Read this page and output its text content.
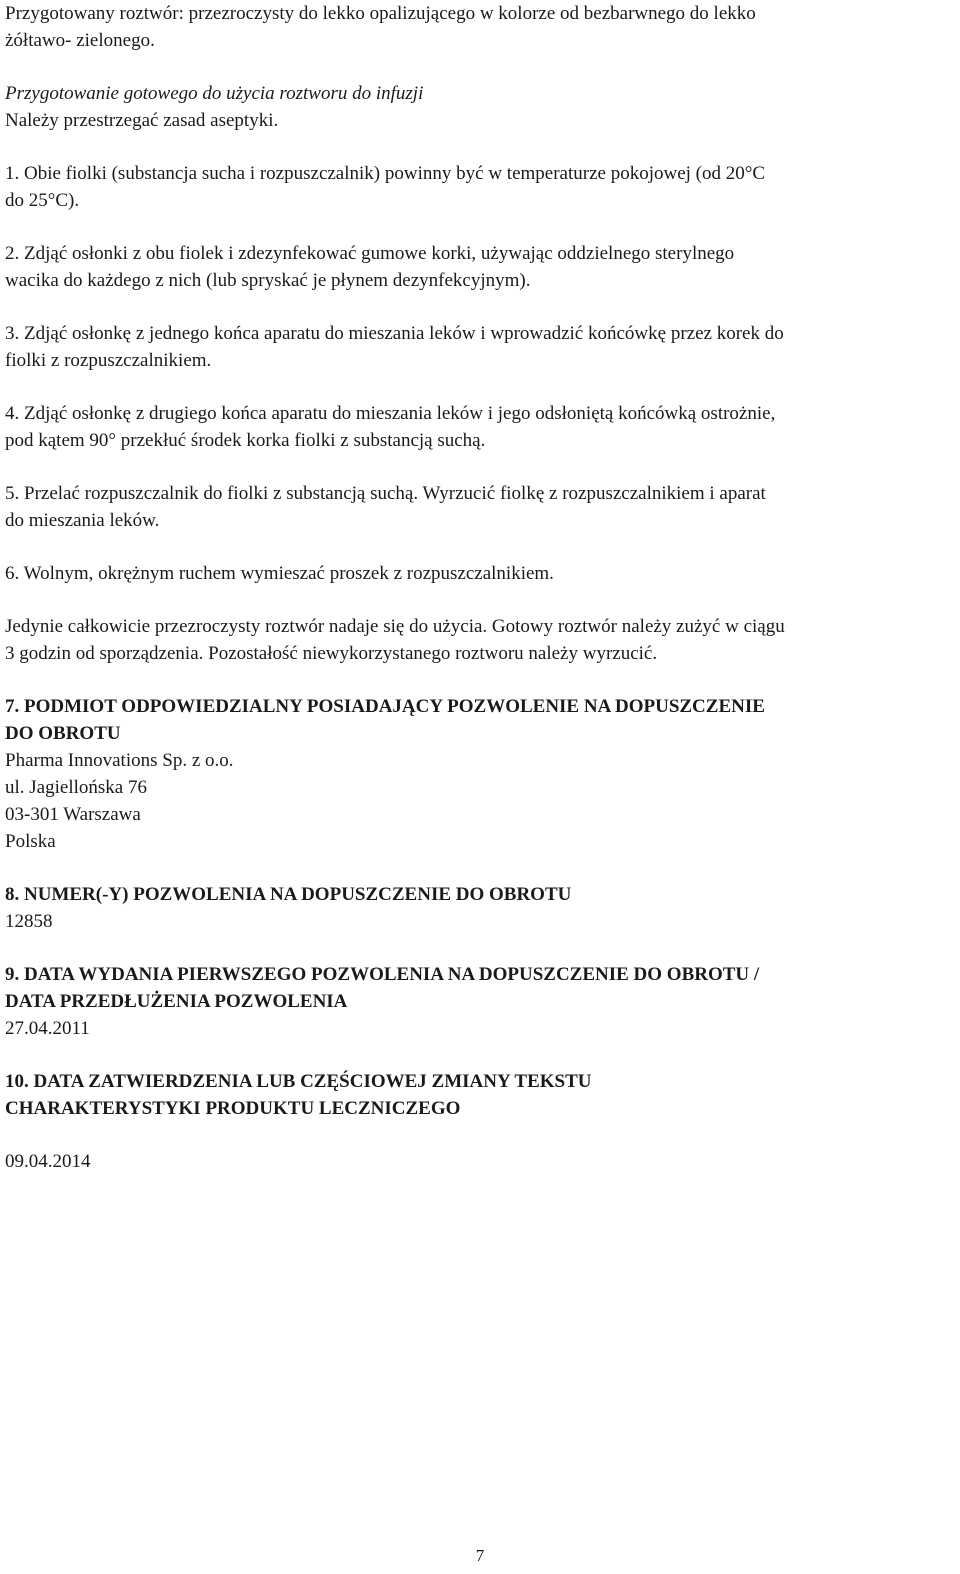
Przygotowany roztwór: przezroczysty do lekko opalizującego w kolorze od bezbarwnego do lekko
żółtawo- zielonego.

Przygotowanie gotowego do użycia roztworu do infuzji
Należy przestrzegać zasad aseptyki.

1. Obie fiolki (substancja sucha i rozpuszczalnik) powinny być w temperaturze pokojowej (od 20°C
do 25°C).

2. Zdjąć osłonki z obu fiolek i zdezynfekować gumowe korki, używając oddzielnego sterylnego
wacika do każdego z nich (lub spryskać je płynem dezynfekcyjnym).

3. Zdjąć osłonkę z jednego końca aparatu do mieszania leków i wprowadzić końcówkę przez korek do
fiolki z rozpuszczalnikiem.

4. Zdjąć osłonkę z drugiego końca aparatu do mieszania leków i jego odsłoniętą końcówką ostrożnie,
pod kątem 90° przekłuć środek korka fiolki z substancją suchą.

5. Przelać rozpuszczalnik do fiolki z substancją suchą. Wyrzucić fiolkę z rozpuszczalnikiem i aparat
do mieszania leków.

6. Wolnym, okrężnym ruchem wymieszać proszek z rozpuszczalnikiem.

Jedynie całkowicie przezroczysty roztwór nadaje się do użycia. Gotowy roztwór należy zużyć w ciągu
3 godzin od sporządzenia. Pozostałość niewykorzystanego roztworu należy wyrzucić.

7. PODMIOT ODPOWIEDZIALNY POSIADAJĄCY POZWOLENIE NA DOPUSZCZENIE
DO OBROTU
Pharma Innovations Sp. z o.o.
ul. Jagiellońska 76
03-301 Warszawa
Polska

8. NUMER(-Y) POZWOLENIA NA DOPUSZCZENIE DO OBROTU
12858

9. DATA WYDANIA PIERWSZEGO POZWOLENIA NA DOPUSZCZENIE DO OBROTU /
DATA PRZEDŁUŻENIA POZWOLENIA
27.04.2011

10. DATA ZATWIERDZENIA LUB CZĘŚCIOWEJ ZMIANY TEKSTU
CHARAKTERYSTYKI PRODUKTU LECZNICZEGO
09.04.2014

7
